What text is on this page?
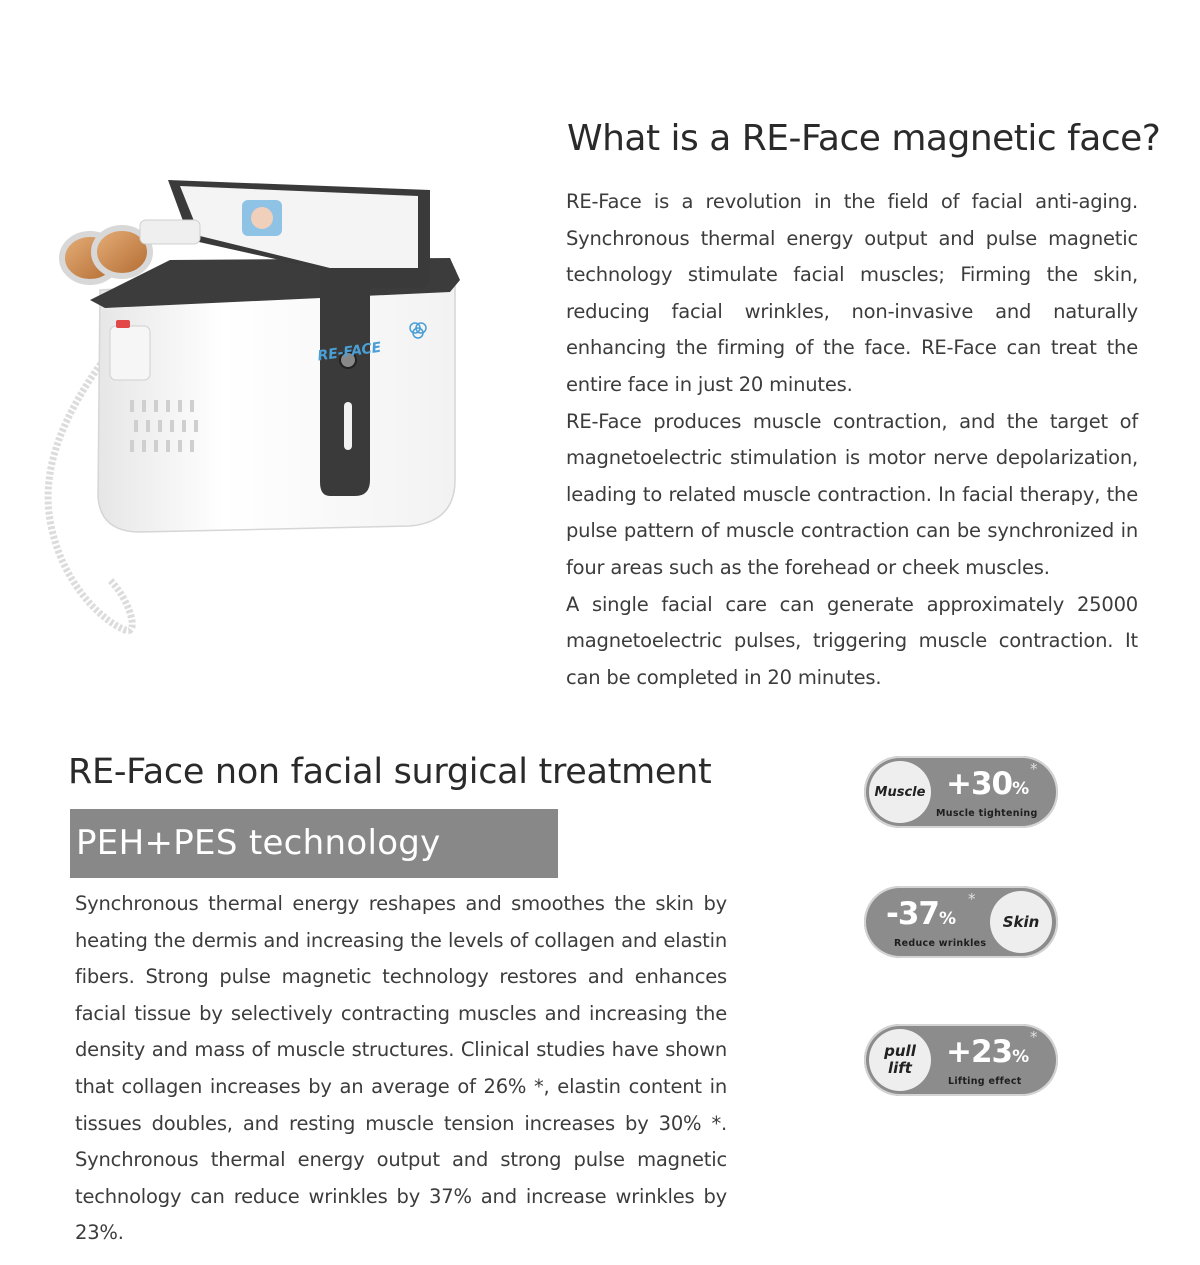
What is a RE-Face magnetic face?

RE-Face is a revolution in the field of facial anti-aging. Synchronous thermal energy output and pulse magnetic technology stimulate facial muscles; Firming the skin, reducing facial wrinkles, non-invasive and naturally enhancing the firming of the face. RE-Face can treat the entire face in just 20 minutes.

RE-Face produces muscle contraction, and the target of magnetoelectric stimulation is motor nerve depolarization, leading to related muscle contraction. In facial therapy, the pulse pattern of muscle contraction can be synchronized in four areas such as the forehead or cheek muscles.

A single facial care can generate approximately 25000 magnetoelectric pulses, triggering muscle contraction. It can be completed in 20 minutes.

RE-FACE
RE-Face non facial surgical treatment
PEH+PES technology

Synchronous thermal energy reshapes and smoothes the skin by heating the dermis and increasing the levels of collagen and elastin fibers. Strong pulse magnetic technology restores and enhances facial tissue by selectively contracting muscles and increasing the density and mass of muscle structures. Clinical studies have shown that collagen increases by an average of 26% *, elastin content in tissues doubles, and resting muscle tension increases by 30% *. Synchronous thermal energy output and strong pulse magnetic technology can reduce wrinkles by 37% and increase wrinkles by 23%.

Muscle +30%
*
Muscle tightening
Skin
-37%
*
Reduce wrinkles
pull
lift +23%
*
Lifting effect
